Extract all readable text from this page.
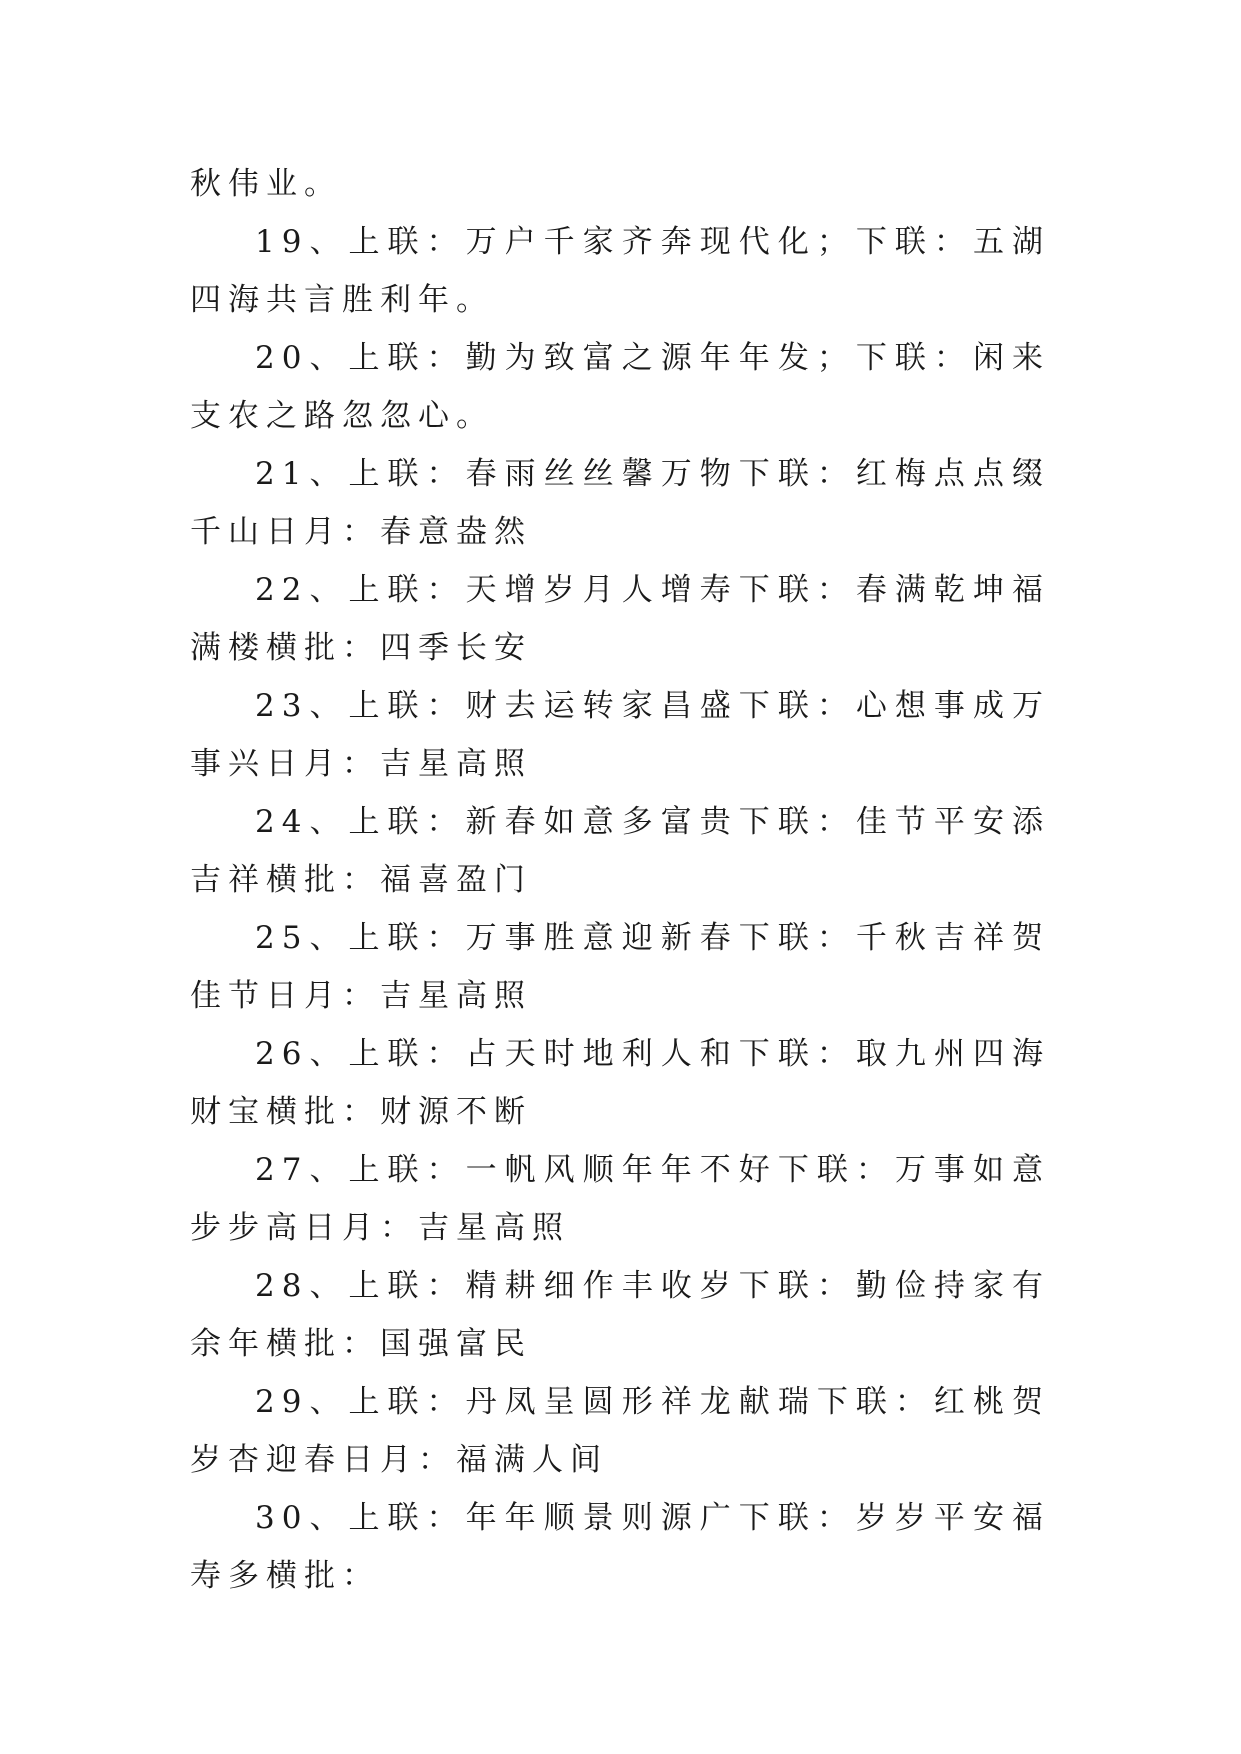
秋伟业。

19、上联：万户千家齐奔现代化；下联：五湖四海共言胜利年。

20、上联：勤为致富之源年年发；下联：闲来支农之路忽忽心。

21、上联：春雨丝丝馨万物下联：红梅点点缀千山日月：春意盎然

22、上联：天增岁月人增寿下联：春满乾坤福满楼横批：四季长安

23、上联：财去运转家昌盛下联：心想事成万事兴日月：吉星高照

24、上联：新春如意多富贵下联：佳节平安添吉祥横批：福喜盈门

25、上联：万事胜意迎新春下联：千秋吉祥贺佳节日月：吉星高照

26、上联：占天时地利人和下联：取九州四海财宝横批：财源不断

27、上联：一帆风顺年年不好下联：万事如意步步高日月：吉星高照

28、上联：精耕细作丰收岁下联：勤俭持家有余年横批：国强富民

29、上联：丹凤呈圆形祥龙献瑞下联：红桃贺岁杏迎春日月：福满人间

30、上联：年年顺景则源广下联：岁岁平安福寿多横批：
